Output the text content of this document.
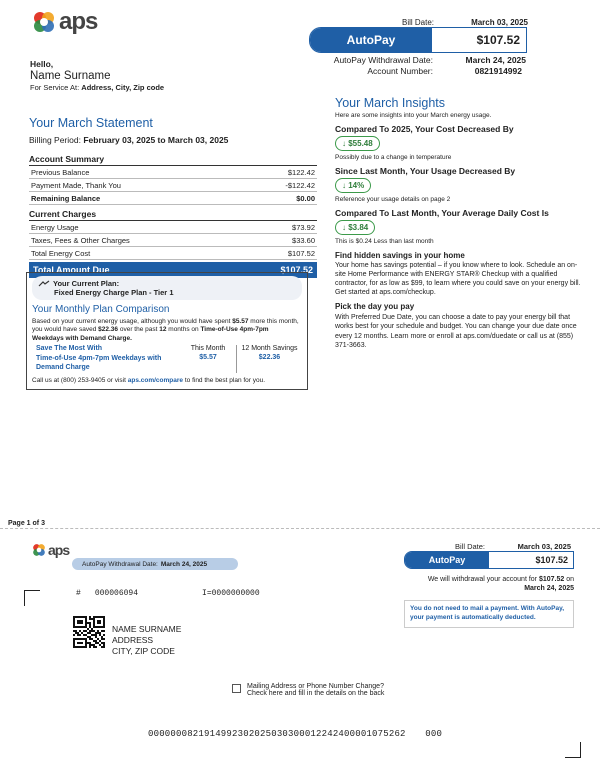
aps	Bill Date:	March 03, 2025
AutoPay	$107.52
AutoPay Withdrawal Date:	March 24, 2025
Account Number:	0821914992
Hello,
Name Surname
For Service At: Address, City, Zip code
Your March Statement
Billing Period: February 03, 2025 to March 03, 2025
Account Summary
Previous Balance	$122.42
Payment Made, Thank You	-$122.42
Remaining Balance	$0.00
Current Charges
Energy Usage	$73.92
Taxes, Fees & Other Charges	$33.60
Total Energy Cost	$107.52
Total Amount Due	$107.52
Your Current Plan:
Fixed Energy Charge Plan - Tier 1
Your Monthly Plan Comparison
Based on your current energy usage, although you would have spent $5.57 more this month, you would have saved $22.36 over the past 12 months on Time-of-Use 4pm-7pm Weekdays with Demand Charge.
Save The Most With
Time-of-Use 4pm-7pm Weekdays with Demand Charge
This Month
$5.57
12 Month Savings
$22.36
Call us at (800) 253-9405 or visit aps.com/compare to find the best plan for you.
Your March Insights
Here are some insights into your March energy usage.
Compared To 2025, Your Cost Decreased By
↓ $55.48
Possibly due to a change in temperature
Since Last Month, Your Usage Decreased By
↓ 14%
Reference your usage details on page 2
Compared To Last Month, Your Average Daily Cost Is
↓ $3.84
This is $0.24 Less than last month
Find hidden savings in your home
Your home has savings potential – if you know where to look. Schedule an on-site Home Performance with ENERGY STAR® Checkup with a qualified contractor, for as low as $99, to learn where you could save on your energy bill. Get started at aps.com/checkup.
Pick the day you pay
With Preferred Due Date, you can choose a date to pay your energy bill that works best for your schedule and budget. You can change your due date once every 12 months. Learn more or enroll at aps.com/duedate or call us at (855) 371-3663.
Page 1 of 3
aps
AutoPay Withdrawal Date: March 24, 2025
Bill Date:	March 03, 2025
AutoPay	$107.52
We will withdrawal your account for $107.52 on
March 24, 2025
You do not need to mail a payment. With AutoPay, your payment is automatically deducted.
# 000006094	I=0000000000
NAME SURNAME
ADDRESS
CITY, ZIP CODE
Mailing Address or Phone Number Change?
Check here and fill in the details on the back
000000082191499230202503030001224240000107526​2 000
